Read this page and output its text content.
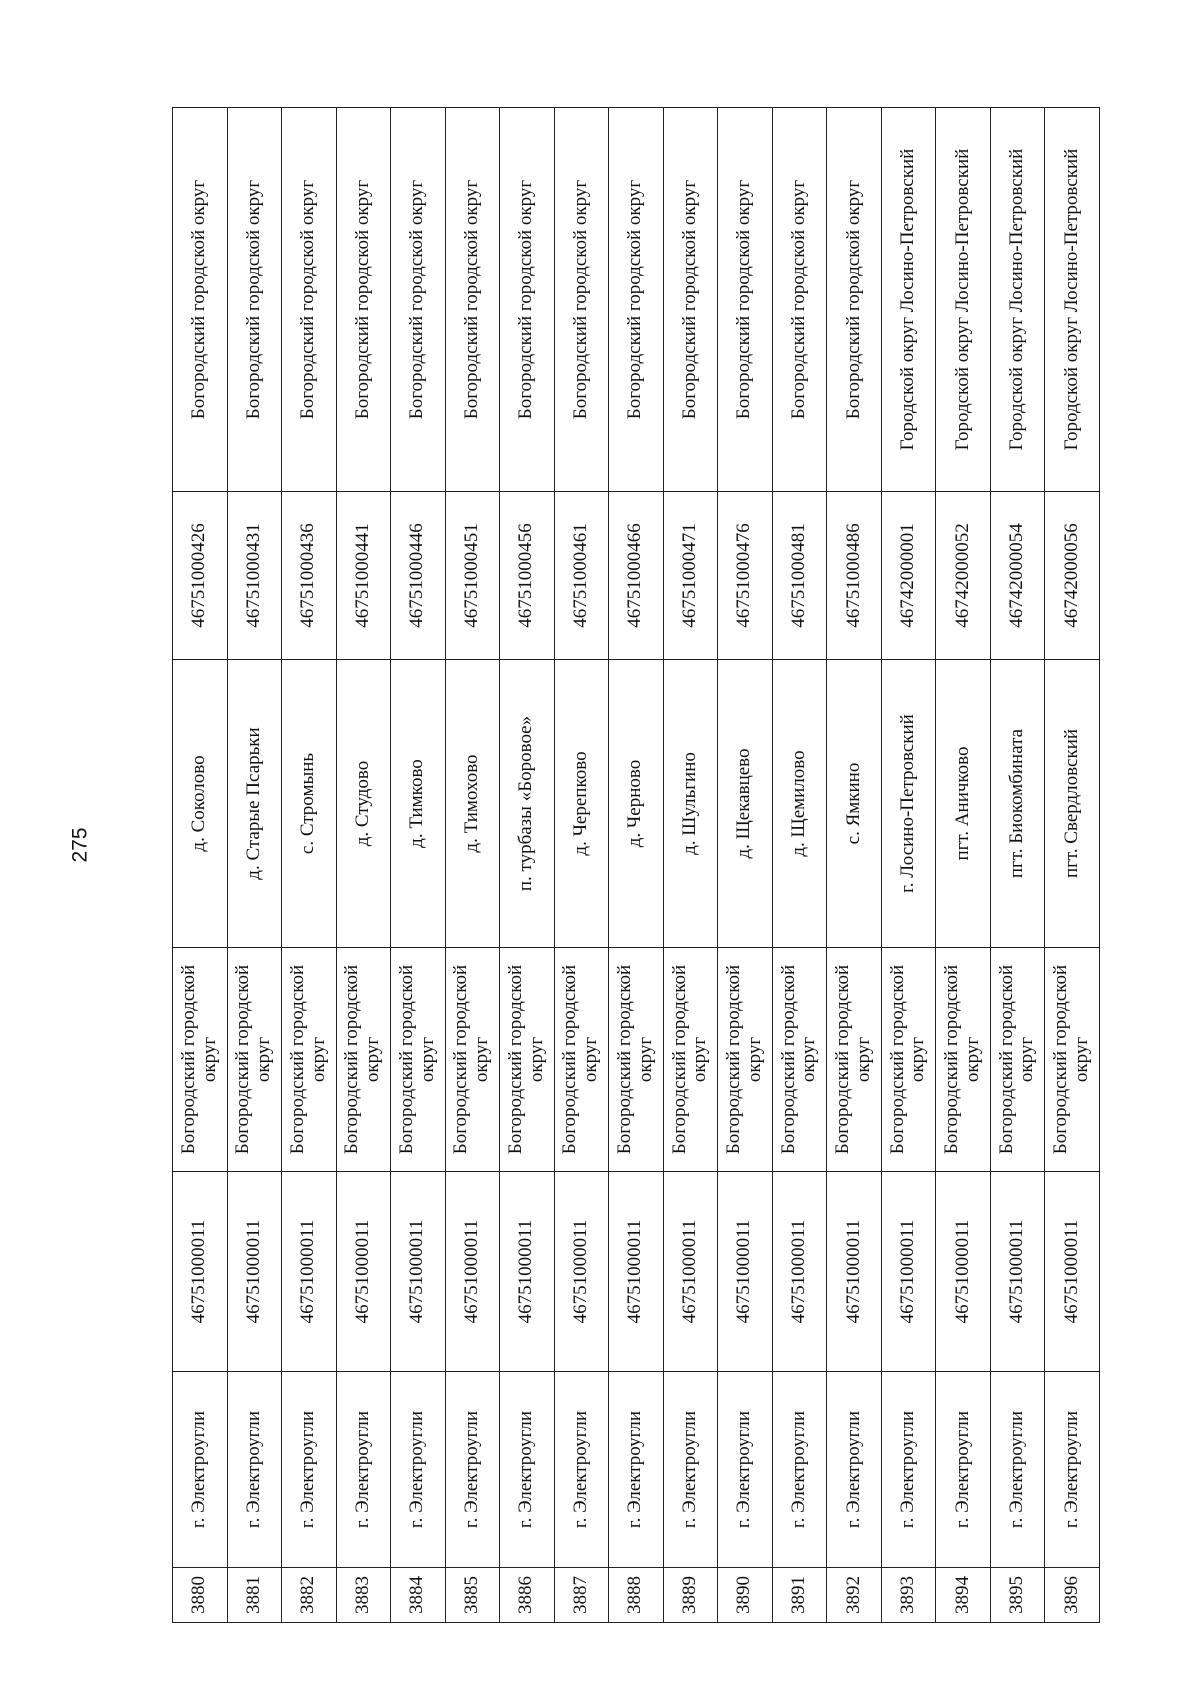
275
3880	г. Электроугли	46751000011	Богородский городской округ	д. Соколово	46751000426	Богородский городской округ
3881	г. Электроугли	46751000011	Богородский городской округ	д. Старые Псарьки	46751000431	Богородский городской округ
3882	г. Электроугли	46751000011	Богородский городской округ	с. Стромынь	46751000436	Богородский городской округ
3883	г. Электроугли	46751000011	Богородский городской округ	д. Студово	46751000441	Богородский городской округ
3884	г. Электроугли	46751000011	Богородский городской округ	д. Тимково	46751000446	Богородский городской округ
3885	г. Электроугли	46751000011	Богородский городской округ	д. Тимохово	46751000451	Богородский городской округ
3886	г. Электроугли	46751000011	Богородский городской округ	п. турбазы «Боровое»	46751000456	Богородский городской округ
3887	г. Электроугли	46751000011	Богородский городской округ	д. Черепково	46751000461	Богородский городской округ
3888	г. Электроугли	46751000011	Богородский городской округ	д. Черново	46751000466	Богородский городской округ
3889	г. Электроугли	46751000011	Богородский городской округ	д. Шульгино	46751000471	Богородский городской округ
3890	г. Электроугли	46751000011	Богородский городской округ	д. Щекавцево	46751000476	Богородский городской округ
3891	г. Электроугли	46751000011	Богородский городской округ	д. Щемилово	46751000481	Богородский городской округ
3892	г. Электроугли	46751000011	Богородский городской округ	с. Ямкино	46751000486	Богородский городской округ
3893	г. Электроугли	46751000011	Богородский городской округ	г. Лосино-Петровский	46742000001	Городской округ Лосино-Петровский
3894	г. Электроугли	46751000011	Богородский городской округ	пгт. Аничково	46742000052	Городской округ Лосино-Петровский
3895	г. Электроугли	46751000011	Богородский городской округ	пгт. Биокомбината	46742000054	Городской округ Лосино-Петровский
3896	г. Электроугли	46751000011	Богородский городской округ	пгт. Свердловский	46742000056	Городской округ Лосино-Петровский
